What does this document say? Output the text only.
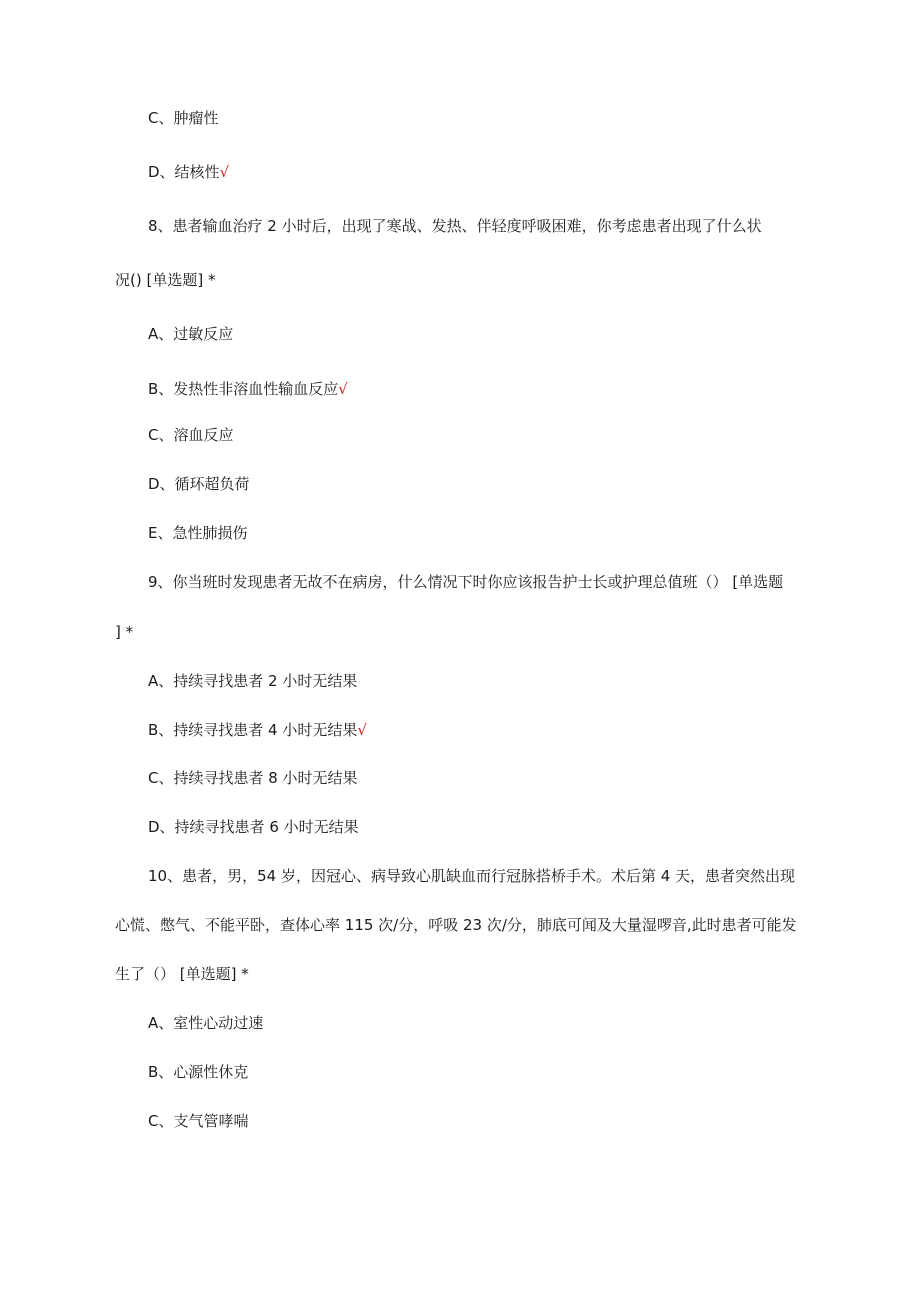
C、肿瘤性
D、结核性√
8、患者输血治疗 2 小时后，出现了寒战、发热、伴轻度呼吸困难，你考虑患者出现了什么状
况() [单选题] *
A、过敏反应
B、发热性非溶血性输血反应√
C、溶血反应
D、循环超负荷
E、急性肺损伤
9、你当班时发现患者无故不在病房，什么情况下时你应该报告护士长或护理总值班（） [单选题
] *
A、持续寻找患者 2 小时无结果
B、持续寻找患者 4 小时无结果√
C、持续寻找患者 8 小时无结果
D、持续寻找患者 6 小时无结果
10、患者，男，54 岁，因冠心、病导致心肌缺血而行冠脉搭桥手术。术后第 4 天，患者突然出现
心慌、憋气、不能平卧，查体心率 115 次/分，呼吸 23 次/分，肺底可闻及大量湿啰音,此时患者可能发
生了（） [单选题] *
A、室性心动过速
B、心源性休克
C、支气管哮喘
